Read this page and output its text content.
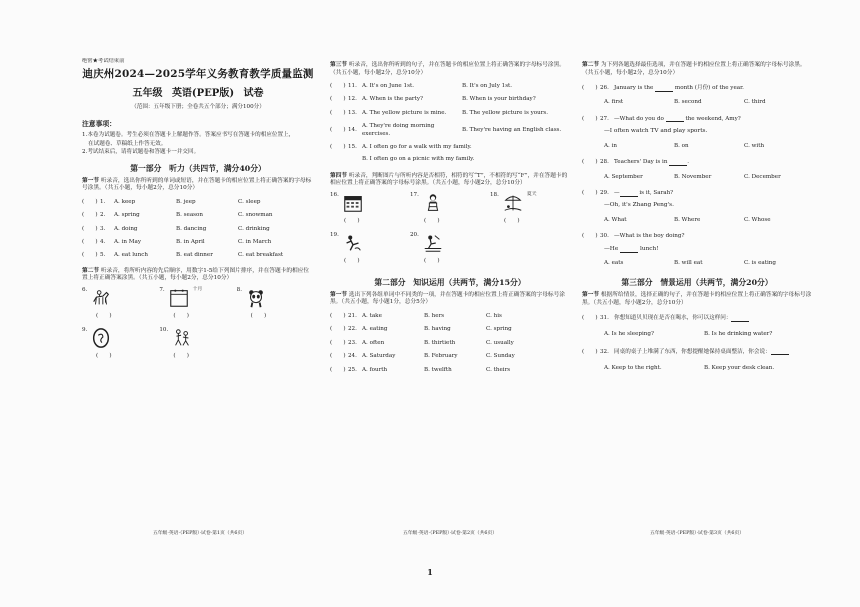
绝密★考试结束前
迪庆州2024—2025学年义务教育教学质量监测
五年级 英语(PEP版) 试卷
（范围：五年级下册；全卷共五个部分；满分100分）
注意事项：
1.本卷为试题卷。考生必须在答题卡上解题作答。答案应书写在答题卡的相应位置上，
在试题卷、草稿纸上作答无效。
2.考试结束后，请将试题卷和答题卡一并交回。
第一部分　听力（共四节，满分40分）
第一节 听录音，选出你所听到的单词或短语，并在答题卡的相应位置上将正确答案的字母标号涂黑。（共五小题，每小题2分，总分10分）
(　　) 1.	A. keep	B. jeep	C. sleep
(　　) 2.	A. spring	B. season	C. snowman
(　　) 3.	A. doing	B. dancing	C. drinking
(　　) 4.	A. in May	B. in April	C. in March
(　　) 5.	A. eat lunch	B. eat dinner	C. eat breakfast
第二节 听录音，将所听内容的先后顺序，用数字1-5给下列图片排序，并在答题卡的相应位置上将正确答案涂黑。（共五小题，每小题2分，总分10分）
6.
(　　)
7.	十月
(　　)
8.
(　　)
9.
(　　)
10.
(　　)
第三节 听录音，选出你所听到的句子，并在答题卡的相应位置上将正确答案的字母标号涂黑。（共五小题，每小题2分，总分10分）
(　　) 11. A. It's on June 1st.	B. It's on July 1st.
(　　) 12. A. When is the party?	B. When is your birthday?
(　　) 13. A. The yellow picture is mine.	B. The yellow picture is yours.
(　　) 14.
A. They're doing morning exercises.
B. They're having an English class.
(　　) 15. A. I often go for a walk with my family.
B. I often go on a picnic with my family.
第四节 听录音，判断图片与所听内容是否相符，相符的写“T”，不相符的写“F”，并在答题卡的相应位置上将正确答案的字母标号涂黑。（共五小题，每小题2分，总分10分）
16.
(　　)
17.
(　　)
18.	夏天
(　　)
19.
(　　)
20.
(　　)
第二部分　知识运用（共两节，满分15分）
第一节 选出下列各组单词中不同类的一项，并在答题卡的相应位置上将正确答案的字母标号涂黑。（共五小题，每小题1分，总分5分）
(　　) 21. A. take	B. hers	C. his
(　　) 22. A. eating	B. having	C. spring
(　　) 23. A. often	B. thirtieth	C. usually
(　　) 24. A. Saturday	B. February	C. Sunday
(　　) 25. A. fourth	B. twelfth	C. theirs
第二节 为下列各题选择最佳选项，并在答题卡的相应位置上将正确答案的字母标号涂黑。（共五小题，每小题2分，总分10分）
(　　) 26. January is the

	month (月份) of the year.
A. first	B. second	C. third
(　　) 27. —What do you do

	the weekend, Amy?
—I often watch TV and play sports.
A. in	B. on	C. with
(　　) 28. Teachers' Day is in
	.
A. September	B. November	C. December
(　　) 29. —
	is it, Sarah?
—Oh, it's Zhang Peng's.
A. What	B. Where	C. Whose
(　　) 30. —What is the boy doing?
—He	lunch!
A. eats	B. will eat	C. is eating
第三部分　情景运用（共两节，满分20分）
第一节 根据所给情景，选择正确的句子，并在答题卡的相应位置上将正确答案的字母标号涂黑。（共五小题，每小题2分，总分10分）
(　　) 31. 你想知道贝贝现在是否在喝水，你可以这样问：
A. Is he sleeping?	B. Is he drinking water?
(　　) 32. 同桌的桌子上堆满了东西，你想提醒她保持桌面整洁，你会说：
A. Keep to the right.	B. Keep your desk clean.
五年级·英语·（PEP版）·试卷·第1页（共6页）	五年级·英语·（PEP版）·试卷·第2页（共6页）	五年级·英语·（PEP版）·试卷·第3页（共6页）
1
